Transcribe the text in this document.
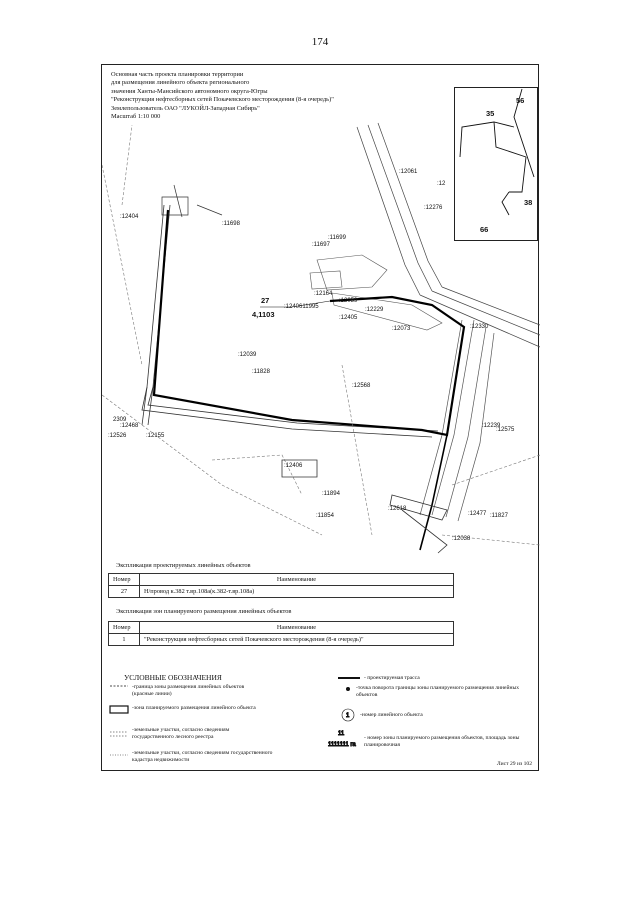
174
:12061
:12
:12276
:12404
:11698
:11699
:11697
:12164
:1240611995
:12059
:12229
:12405
:12073	:12330
:12039
:11828
:12568
2309
:12468
:12526	:12155
:12239
:12575
:12406
:11894
:11854
:12618
:12477 :11827
:12038
27
4,1103
1
11
1111111 га
Основная часть проекта планировки территории
для размещения линейного объекта регионального
значения Ханты-Мансийского автономного округа-Югры
"Реконструкция нефтесборных сетей Покачевского месторождения (8-я очередь)"
Землепользователь ОАО "ЛУКОЙЛ-Западная Сибирь"
Масштаб 1:10 000
56
35
38
66
Экспликация проектируемых линейных объектов
Номер	Наименование
27	Н/провод к.382 т.вр.108а(к.382-т.вр.108а)
Экспликация зон планируемого размещения линейных объектов
Номер	Наименование
1	"Реконструкция нефтесборных сетей Покачевского месторождения (8-я очередь)"
УСЛОВНЫЕ ОБОЗНАЧЕНИЯ
-граница зоны размещения линейных объектов (красные линии)
-зона планируемого размещения линейного объекта
-земельные участки, согласно сведениям государственного лесного реестра
-земельные участки, согласно сведениям государственного кадастра недвижимости
- проектируемая трасса
-точка поворота границы зоны планируемого размещения линейных объектов
-номер линейного объекта
- номер зоны планируемого размещения объектов, площадь зоны планировочная
Лист 29 из 102
